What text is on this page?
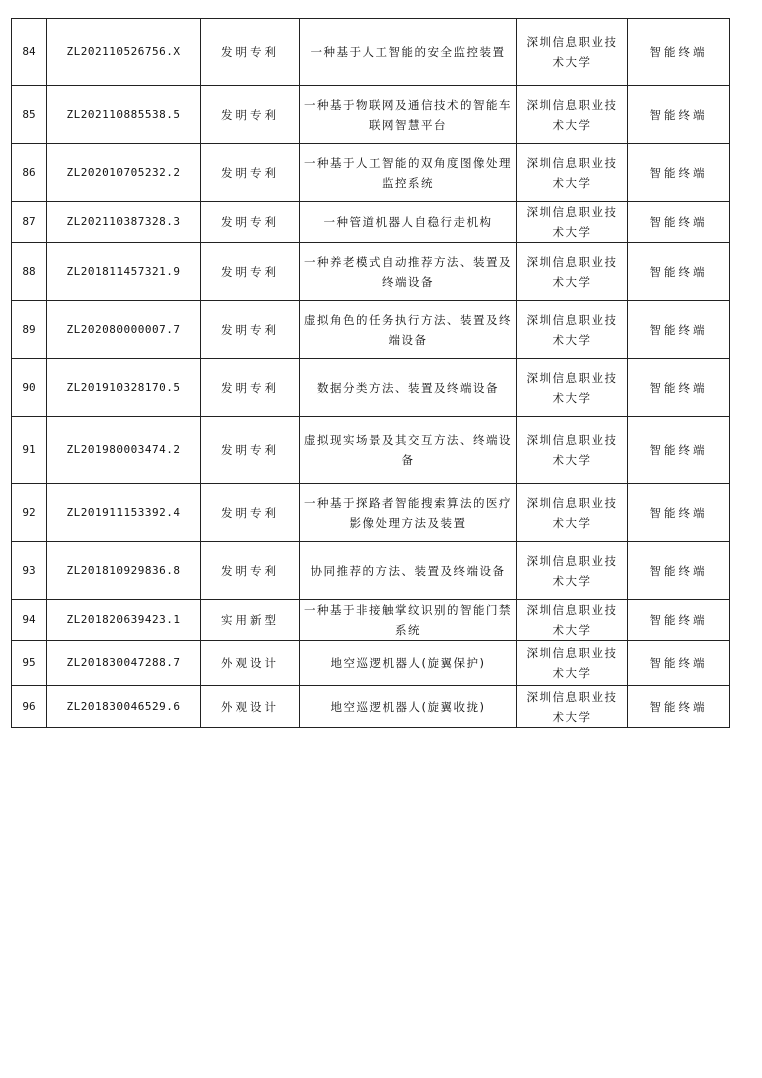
84	ZL202110526756.X	发明专利	一种基于人工智能的安全监控装置	深圳信息职业技术大学	智能终端
85	ZL202110885538.5	发明专利	一种基于物联网及通信技术的智能车联网智慧平台	深圳信息职业技术大学	智能终端
86	ZL202010705232.2	发明专利	一种基于人工智能的双角度图像处理监控系统	深圳信息职业技术大学	智能终端
87	ZL202110387328.3	发明专利	一种管道机器人自稳行走机构	深圳信息职业技术大学	智能终端
88	ZL201811457321.9	发明专利	一种养老模式自动推荐方法、装置及终端设备	深圳信息职业技术大学	智能终端
89	ZL202080000007.7	发明专利	虚拟角色的任务执行方法、装置及终端设备	深圳信息职业技术大学	智能终端
90	ZL201910328170.5	发明专利	数据分类方法、装置及终端设备	深圳信息职业技术大学	智能终端
91	ZL201980003474.2	发明专利	虚拟现实场景及其交互方法、终端设备	深圳信息职业技术大学	智能终端
92	ZL201911153392.4	发明专利	一种基于探路者智能搜索算法的医疗影像处理方法及装置	深圳信息职业技术大学	智能终端
93	ZL201810929836.8	发明专利	协同推荐的方法、装置及终端设备	深圳信息职业技术大学	智能终端
94	ZL201820639423.1	实用新型	一种基于非接触掌纹识别的智能门禁系统	深圳信息职业技术大学	智能终端
95	ZL201830047288.7	外观设计	地空巡逻机器人(旋翼保护)	深圳信息职业技术大学	智能终端
96	ZL201830046529.6	外观设计	地空巡逻机器人(旋翼收拢)	深圳信息职业技术大学	智能终端
